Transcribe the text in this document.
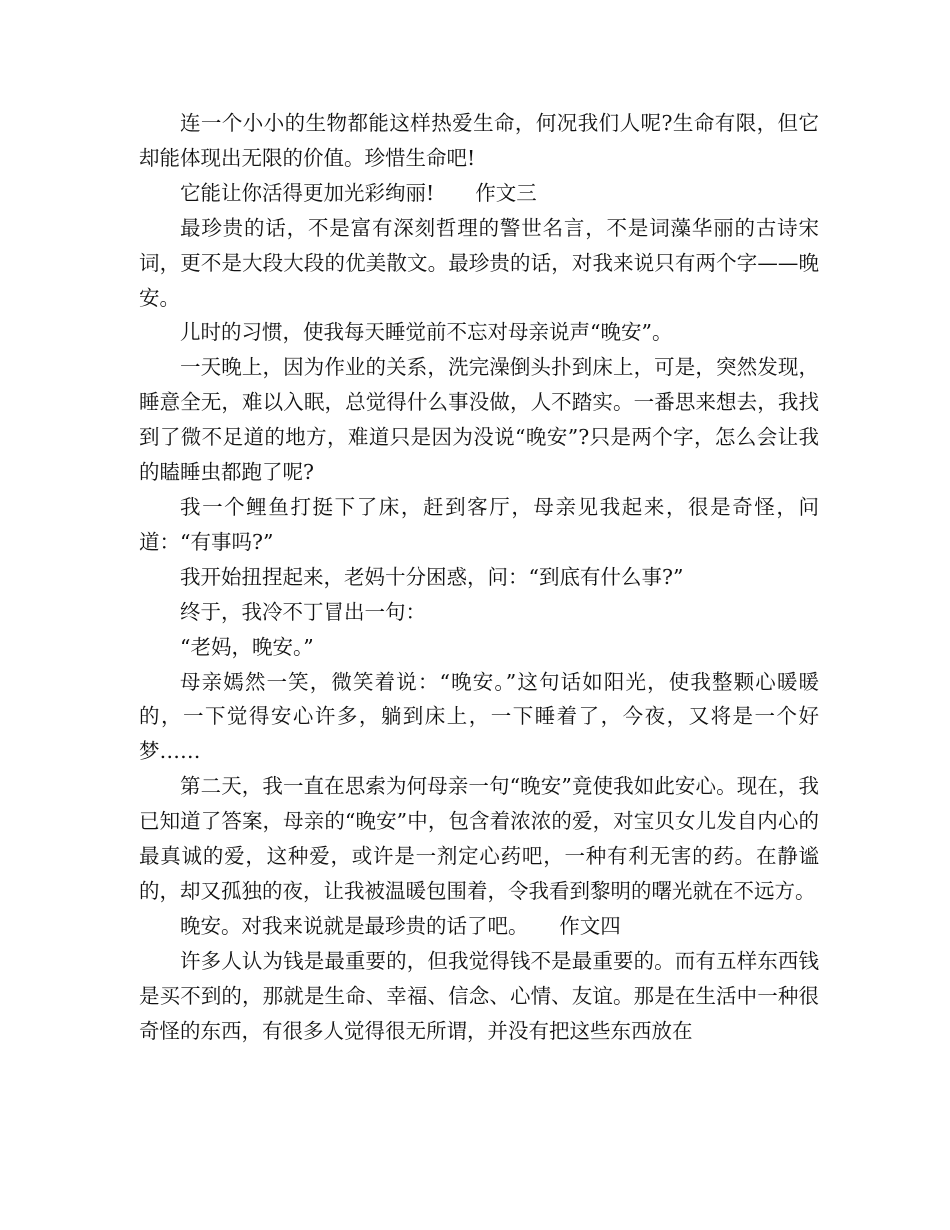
连一个小小的生物都能这样热爱生命，何况我们人呢?生命有限，但它却能体现出无限的价值。珍惜生命吧!

它能让你活得更加光彩绚丽!　　作文三

最珍贵的话，不是富有深刻哲理的警世名言，不是词藻华丽的古诗宋词，更不是大段大段的优美散文。最珍贵的话，对我来说只有两个字——晚安。

儿时的习惯，使我每天睡觉前不忘对母亲说声“晚安”。

一天晚上，因为作业的关系，洗完澡倒头扑到床上，可是，突然发现，睡意全无，难以入眠，总觉得什么事没做，人不踏实。一番思来想去，我找到了微不足道的地方，难道只是因为没说“晚安”?只是两个字，怎么会让我的瞌睡虫都跑了呢?

我一个鲤鱼打挺下了床，赶到客厅，母亲见我起来，很是奇怪，问道：“有事吗?”

我开始扭捏起来，老妈十分困惑，问：“到底有什么事?”

终于，我冷不丁冒出一句：

“老妈，晚安。”

母亲嫣然一笑，微笑着说：“晚安。”这句话如阳光，使我整颗心暖暖的，一下觉得安心许多，躺到床上，一下睡着了，今夜，又将是一个好梦……

第二天，我一直在思索为何母亲一句“晚安”竟使我如此安心。现在，我已知道了答案，母亲的“晚安”中，包含着浓浓的爱，对宝贝女儿发自内心的最真诚的爱，这种爱，或许是一剂定心药吧，一种有利无害的药。在静谧的，却又孤独的夜，让我被温暖包围着，令我看到黎明的曙光就在不远方。

晚安。对我来说就是最珍贵的话了吧。　　作文四

许多人认为钱是最重要的，但我觉得钱不是最重要的。而有五样东西钱是买不到的，那就是生命、幸福、信念、心情、友谊。那是在生活中一种很奇怪的东西，有很多人觉得很无所谓，并没有把这些东西放在
